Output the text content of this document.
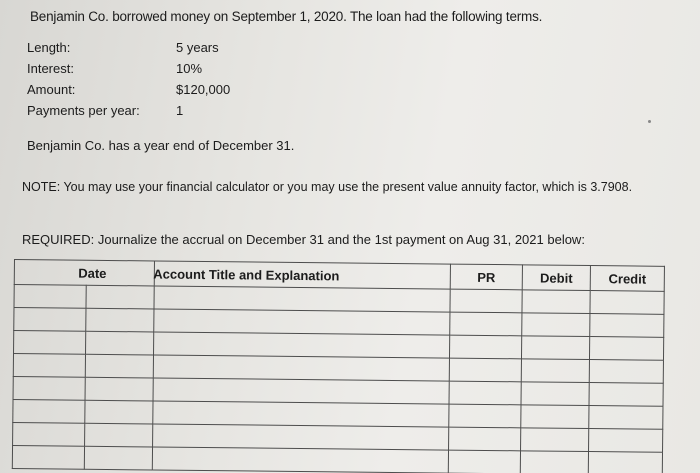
Benjamin Co. borrowed money on September 1, 2020. The loan had the following terms.
Length:	5 years
Interest:	10%
Amount:	$120,000
Payments per year:	1
Benjamin Co. has a year end of December 31.
NOTE: You may use your financial calculator or you may use the present value annuity factor, which is 3.7908.
REQUIRED: Journalize the accrual on December 31 and the 1st payment on Aug 31, 2021 below:
Date		Account Title and Explanation	PR	Debit	Credit
